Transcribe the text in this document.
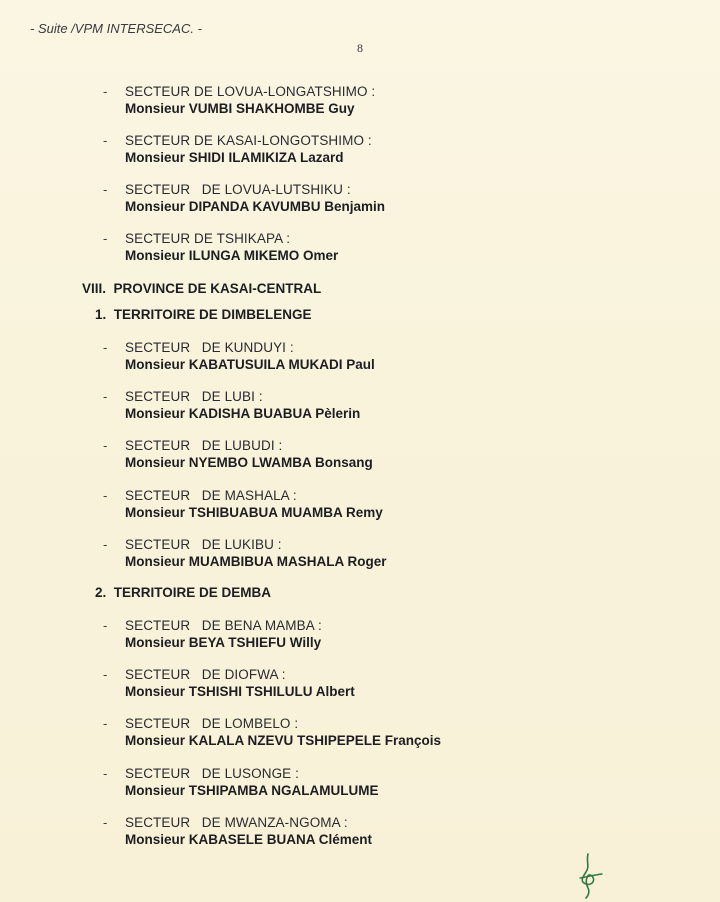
- Suite /VPM INTERSECAC. -
8
- SECTEUR DE LOVUA-LONGATSHIMO :
Monsieur VUMBI SHAKHOMBE Guy
- SECTEUR DE KASAI-LONGOTSHIMO :
Monsieur SHIDI ILAMIKIZA Lazard
- SECTEUR   DE LOVUA-LUTSHIKU :
Monsieur DIPANDA KAVUMBU Benjamin
- SECTEUR DE TSHIKAPA :
Monsieur ILUNGA MIKEMO Omer
VIII.  PROVINCE DE KASAI-CENTRAL
1.  TERRITOIRE DE DIMBELENGE
- SECTEUR   DE KUNDUYI :
Monsieur KABATUSUILA MUKADI Paul
- SECTEUR   DE LUBI :
Monsieur KADISHA BUABUA Pèlerin
- SECTEUR   DE LUBUDI :
Monsieur NYEMBO LWAMBA Bonsang
- SECTEUR   DE MASHALA :
Monsieur TSHIBUABUA MUAMBA Remy
- SECTEUR   DE LUKIBU :
Monsieur MUAMBIBUA MASHALA Roger
2.  TERRITOIRE DE DEMBA
- SECTEUR   DE BENA MAMBA :
Monsieur BEYA TSHIEFU Willy
- SECTEUR   DE DIOFWA :
Monsieur TSHISHI TSHILULU Albert
- SECTEUR   DE LOMBELO :
Monsieur KALALA NZEVU TSHIPEPELE François
- SECTEUR   DE LUSONGE :
Monsieur TSHIPAMBA NGALAMULUME
- SECTEUR   DE MWANZA-NGOMA :
Monsieur KABASELE BUANA Clément
